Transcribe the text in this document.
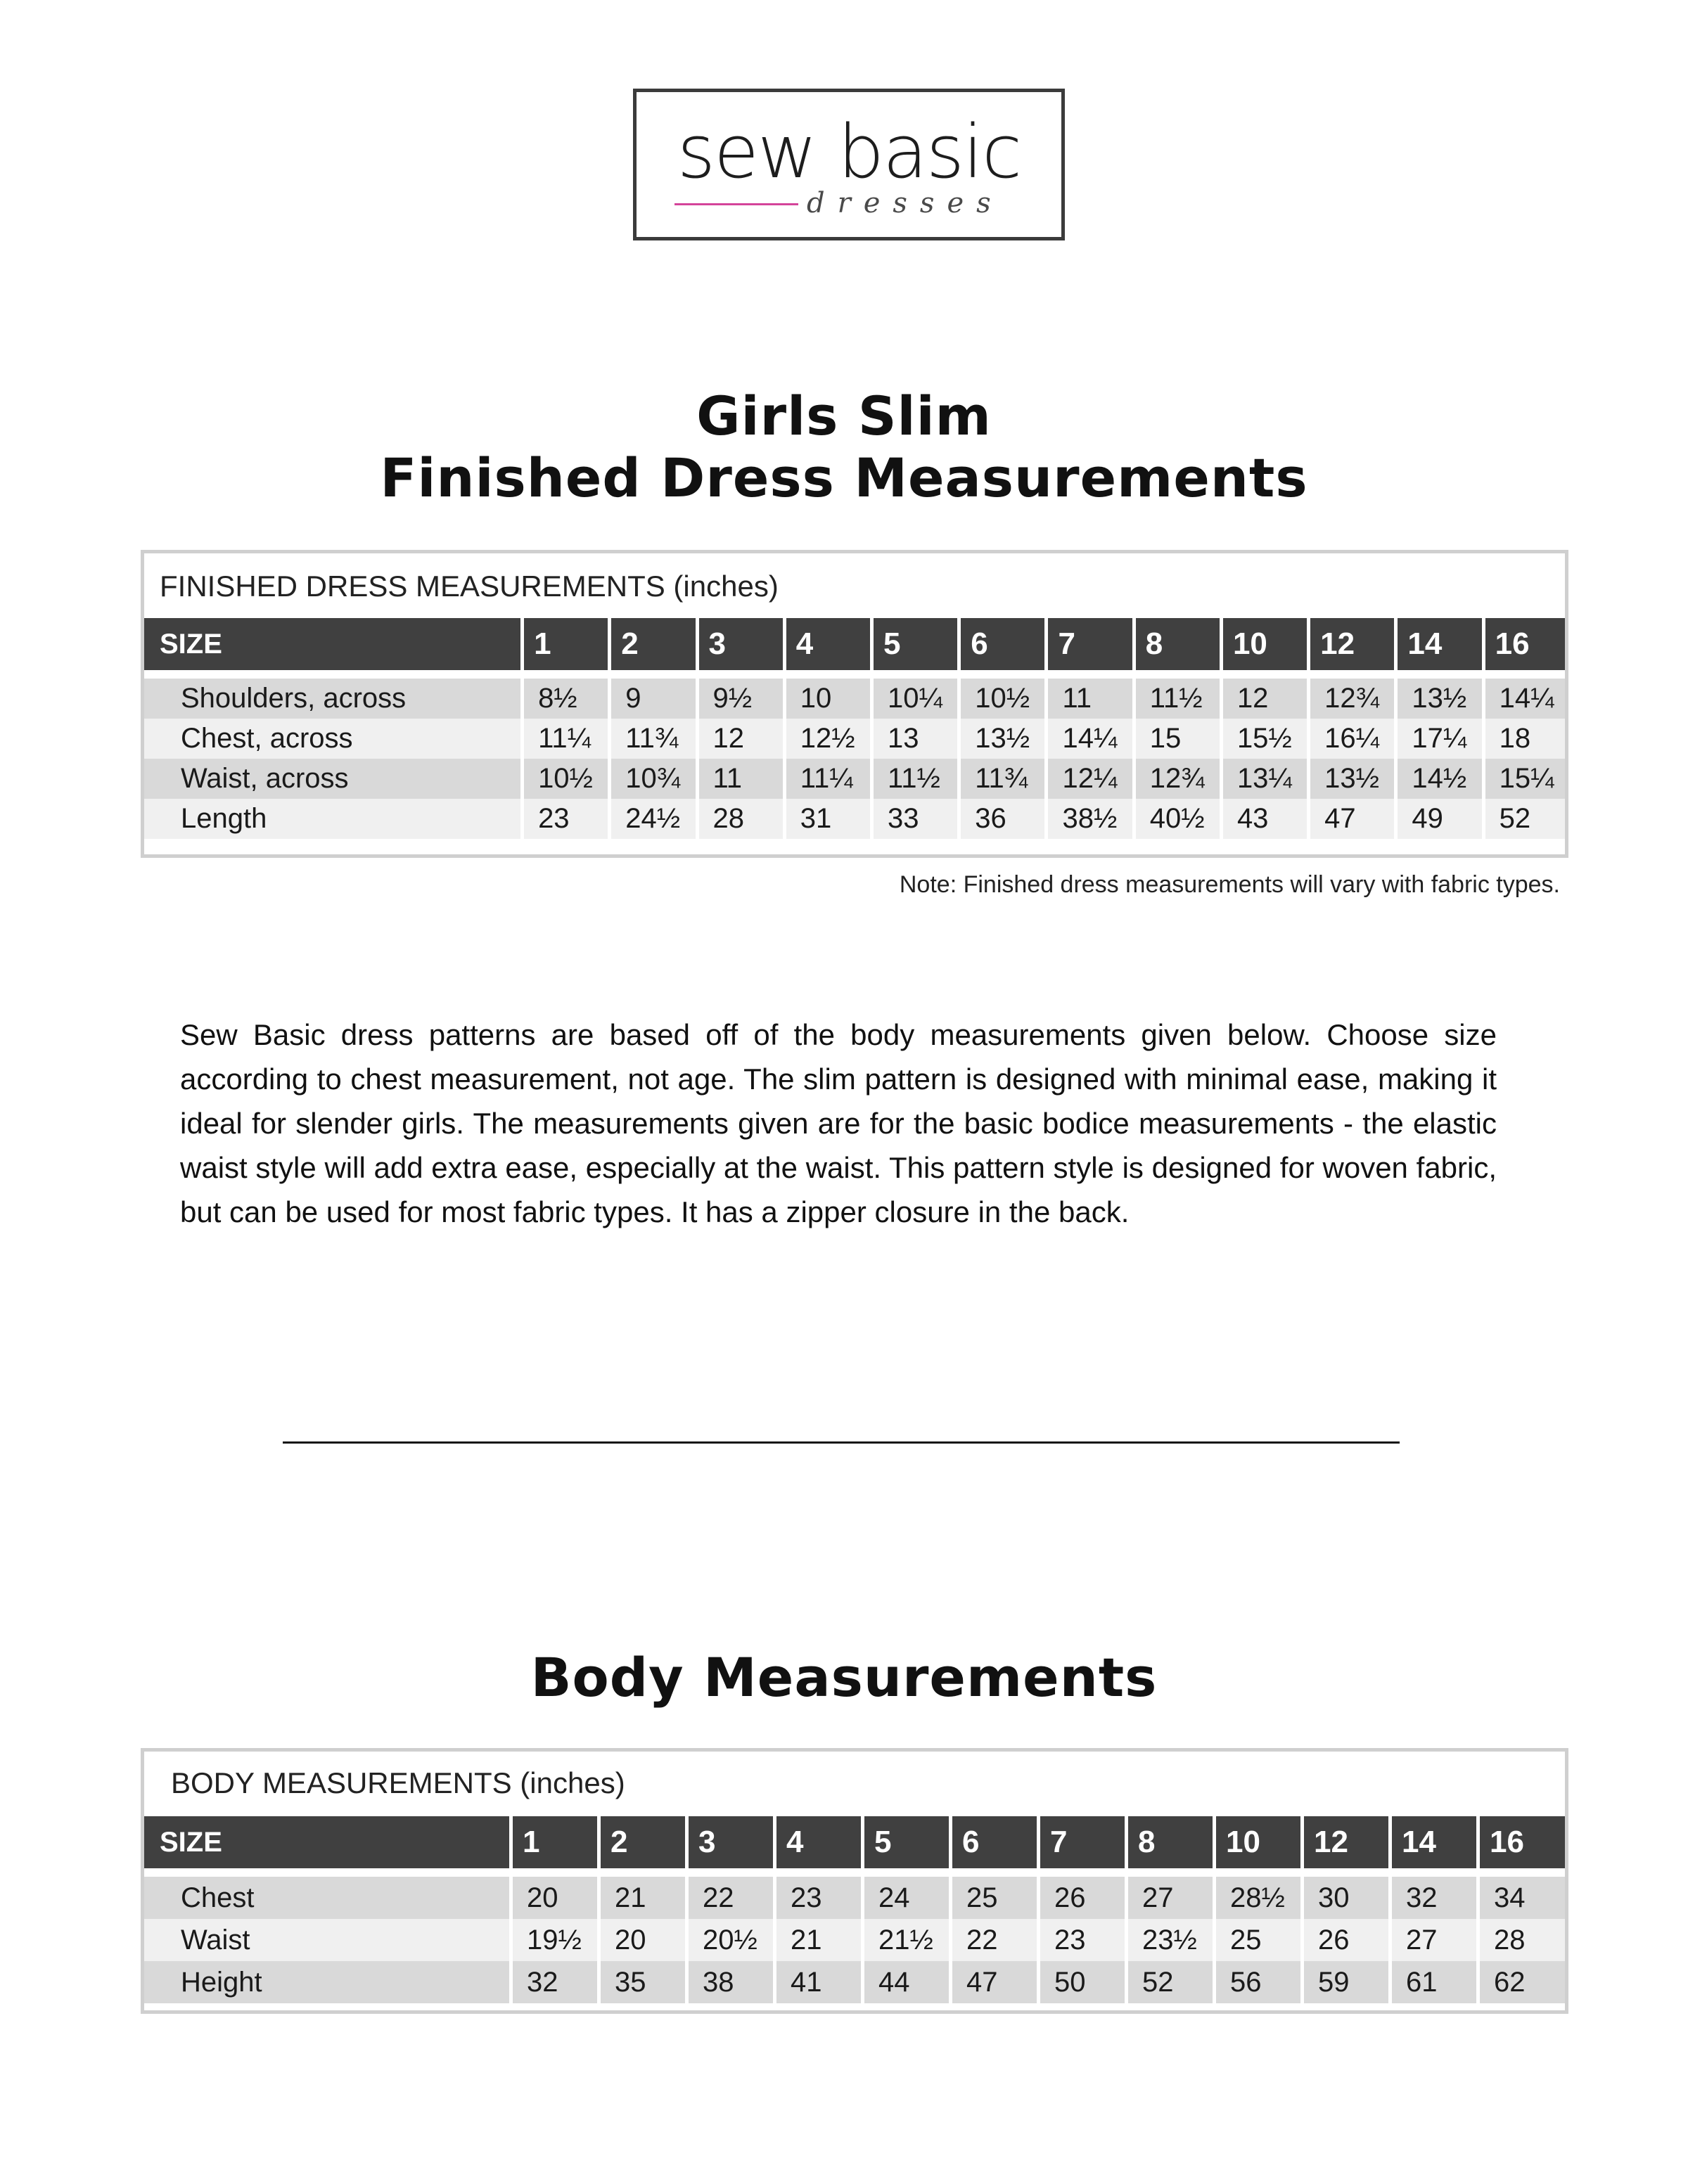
sew basic
dresses
Girls Slim
Finished Dress Measurements
FINISHED DRESS MEASUREMENTS (inches)
SIZE	1	2	3	4	5	6	7	8	10	12	14	16

Shoulders, across	8½	9	9½	10	10¼	10½	11	11½	12	12¾	13½	14¼
Chest, across	11¼	11¾	12	12½	13	13½	14¼	15	15½	16¼	17¼	18
Waist, across	10½	10¾	11	11¼	11½	11¾	12¼	12¾	13¼	13½	14½	15¼
Length	23	24½	28	31	33	36	38½	40½	43	47	49	52
Note: Finished dress measurements will vary with fabric types.
Sew Basic dress patterns are based off of the body measurements given below. Choose size according to chest measurement, not age. The slim pattern is designed with minimal ease, making it ideal for slender girls. The measurements given are for the basic bodice measurements - the elastic waist style will add extra ease, especially at the waist. This pattern style is designed for woven fabric, but can be used for most fabric types. It has a zipper closure in the back.
Body Measurements
BODY MEASUREMENTS (inches)
SIZE	1	2	3	4	5	6	7	8	10	12	14	16

Chest	20	21	22	23	24	25	26	27	28½	30	32	34
Waist	19½	20	20½	21	21½	22	23	23½	25	26	27	28
Height	32	35	38	41	44	47	50	52	56	59	61	62
